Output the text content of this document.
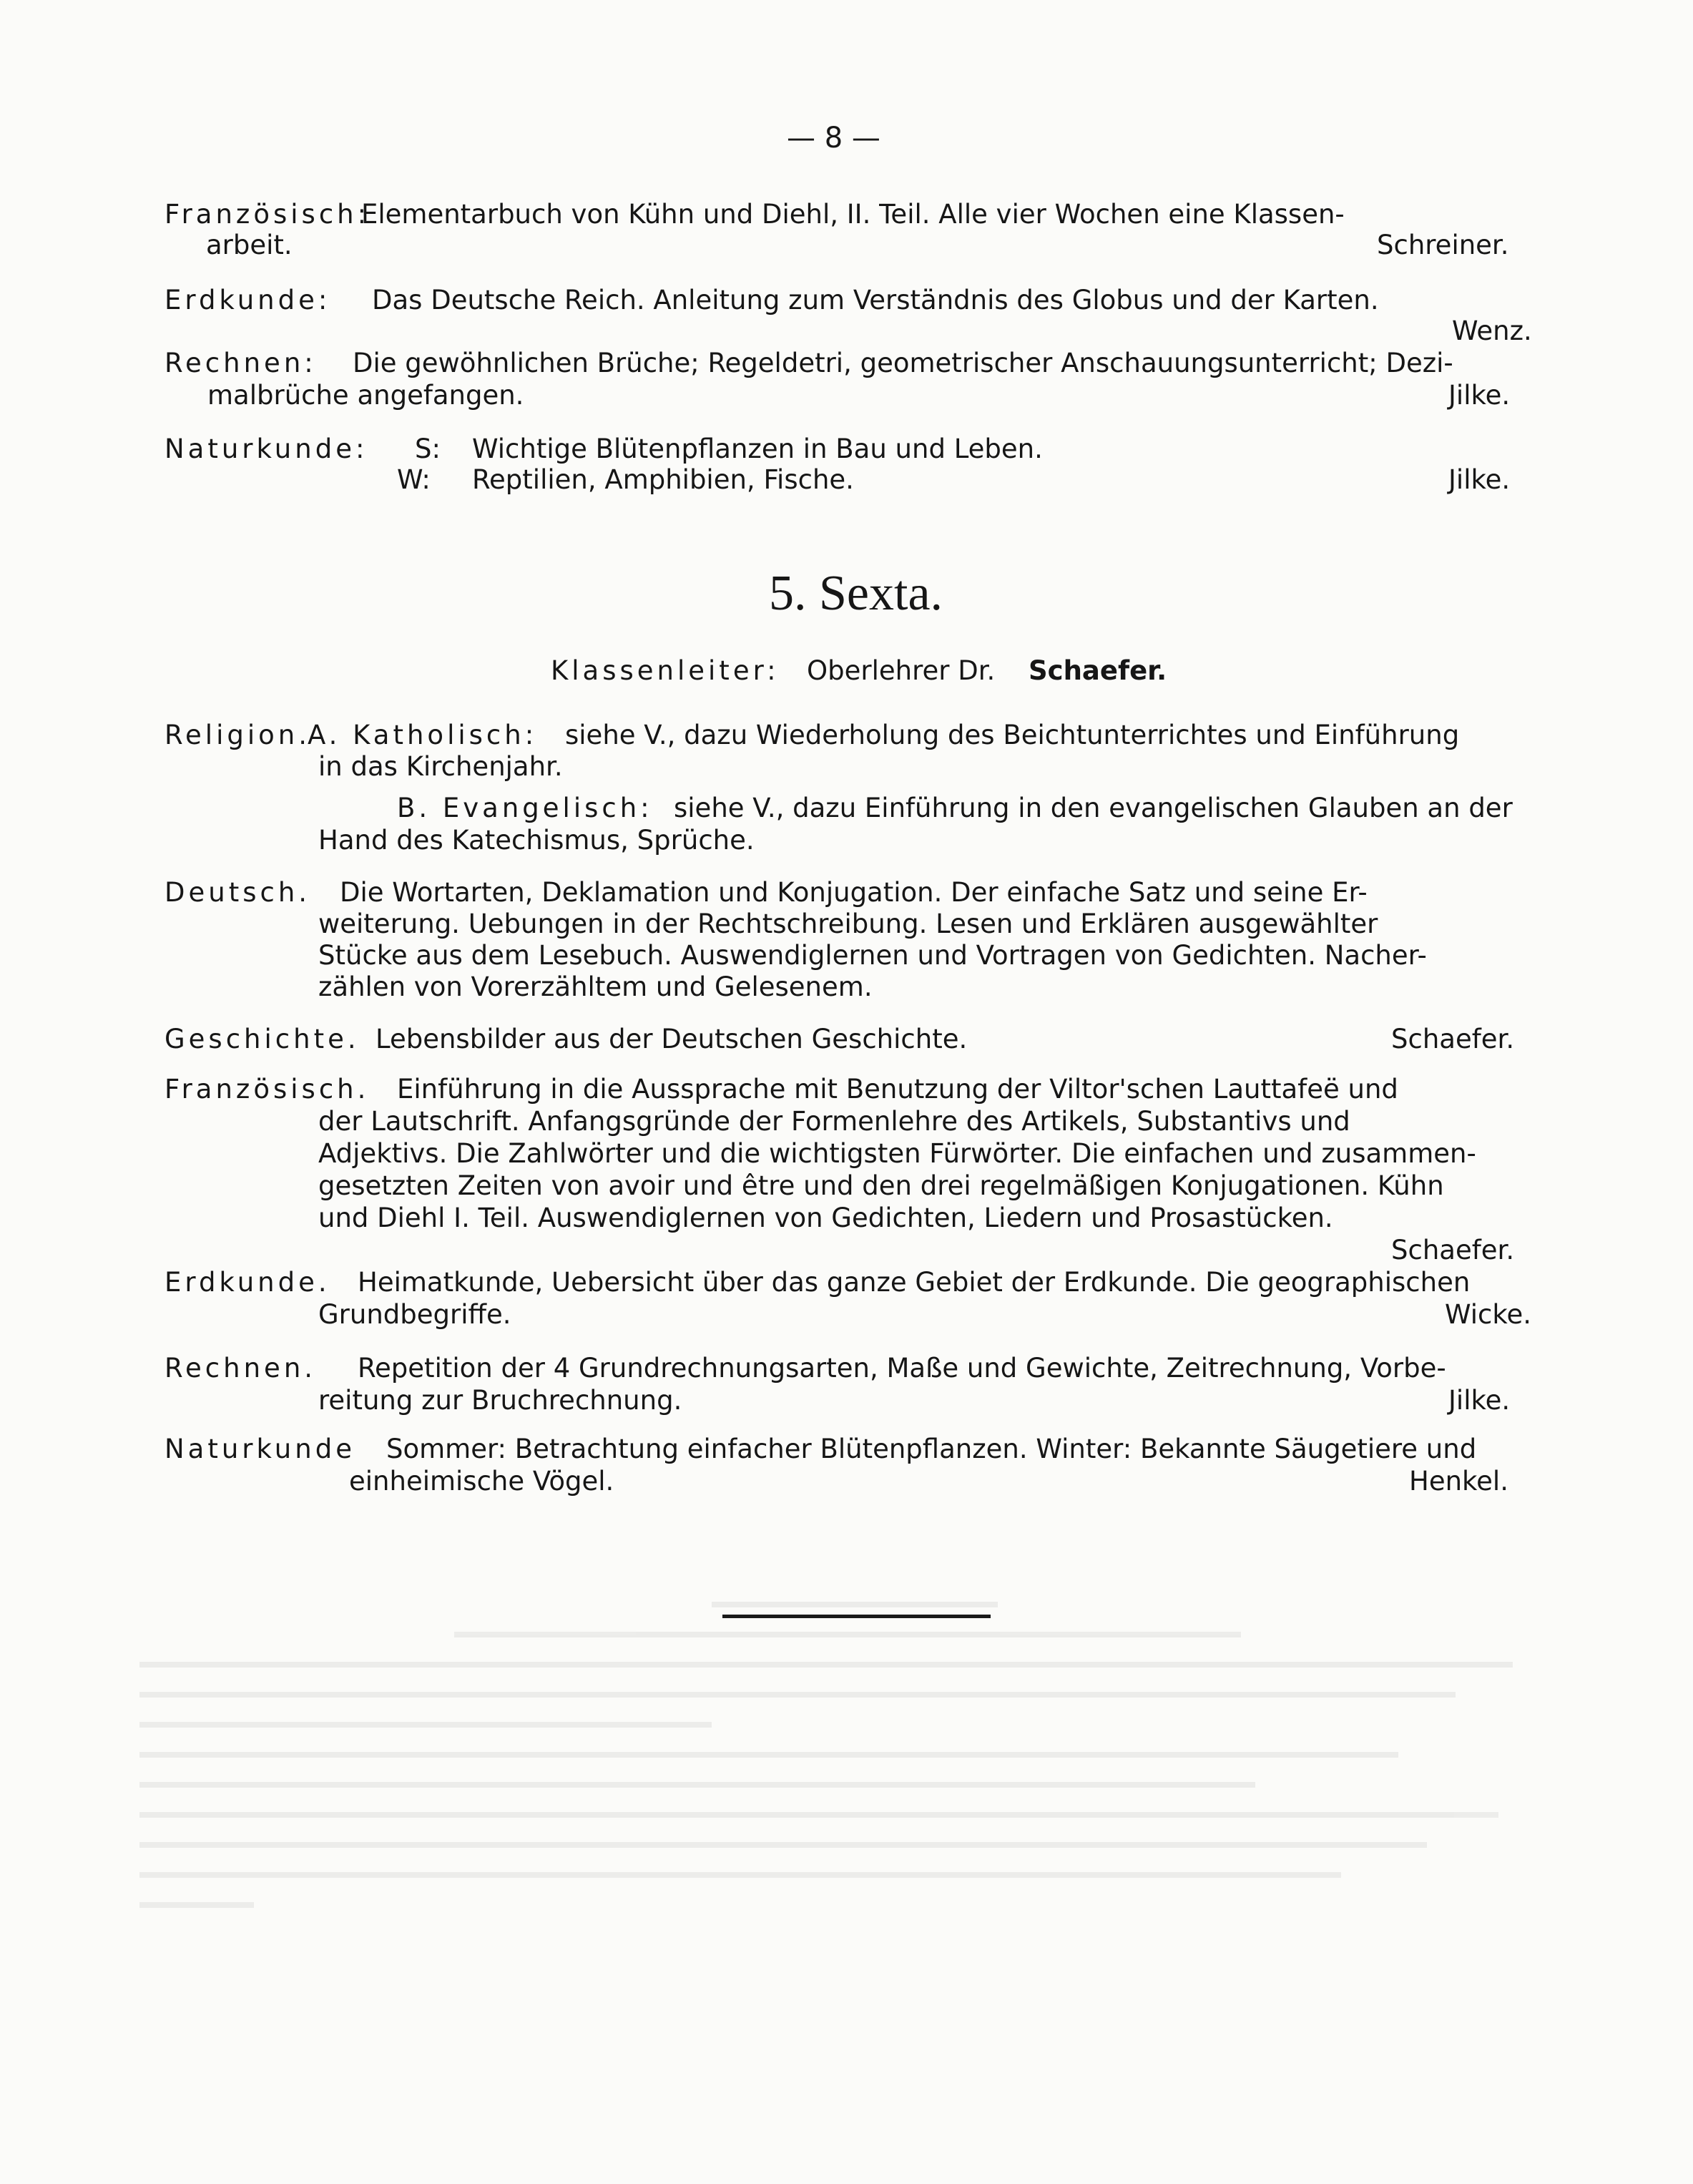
— 8 —
Französisch:
Elementarbuch von Kühn und Diehl, II. Teil. Alle vier Wochen eine Klassen-
arbeit.	Schreiner.
Erdkunde: Das Deutsche Reich. Anleitung zum Verständnis des Globus und der Karten.
Wenz.
Rechnen: Die gewöhnlichen Brüche; Regeldetri, geometrischer Anschauungsunterricht; Dezi-
malbrüche angefangen.	Jilke.
Naturkunde: S: Wichtige Blütenpflanzen in Bau und Leben.
W: Reptilien, Amphibien, Fische.	Jilke.
5. Sexta.
Klassenleiter: Oberlehrer Dr. Schaefer.
Religion.
A. Katholisch: siehe V., dazu Wiederholung des Beichtunterrichtes und Einführung
in das Kirchenjahr.
B. Evangelisch: siehe V., dazu Einführung in den evangelischen Glauben an der
Hand des Katechismus, Sprüche.
Deutsch. Die Wortarten, Deklamation und Konjugation. Der einfache Satz und seine Er-
weiterung. Uebungen in der Rechtschreibung. Lesen und Erklären ausgewählter
Stücke aus dem Lesebuch. Auswendiglernen und Vortragen von Gedichten. Nacher-
zählen von Vorerzähltem und Gelesenem.
Geschichte. Lebensbilder aus der Deutschen Geschichte.	Schaefer.
Französisch. Einführung in die Aussprache mit Benutzung der Viltor'schen Lauttafeë und
der Lautschrift. Anfangsgründe der Formenlehre des Artikels, Substantivs und
Adjektivs. Die Zahlwörter und die wichtigsten Fürwörter. Die einfachen und zusammen-
gesetzten Zeiten von avoir und être und den drei regelmäßigen Konjugationen. Kühn
und Diehl I. Teil. Auswendiglernen von Gedichten, Liedern und Prosastücken.
Schaefer.
Erdkunde. Heimatkunde, Uebersicht über das ganze Gebiet der Erdkunde. Die geographischen
Grundbegriffe.	Wicke.
Rechnen. Repetition der 4 Grundrechnungsarten, Maße und Gewichte, Zeitrechnung, Vorbe-
reitung zur Bruchrechnung.	Jilke.
Naturkunde Sommer: Betrachtung einfacher Blütenpflanzen. Winter: Bekannte Säugetiere und
einheimische Vögel.	Henkel.
